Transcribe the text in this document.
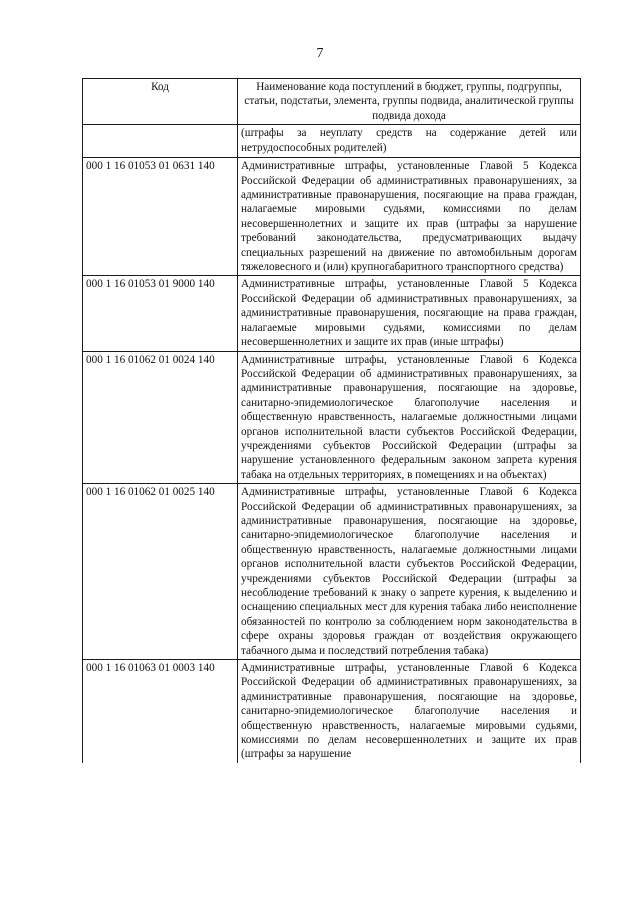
7
Код	Наименование кода поступлений в бюджет, группы, подгруппы, статьи, подстатьи, элемента, группы подвида, аналитической группы подвида дохода
	(штрафы за неуплату средств на содержание детей или нетрудоспособных родителей)
000 1 16 01053 01 0631 140	Административные штрафы, установленные Главой 5 Кодекса Российской Федерации об административных правонарушениях, за административные правонарушения, посягающие на права граждан, налагаемые мировыми судьями, комиссиями по делам несовершеннолетних и защите их прав (штрафы за нарушение требований законодательства, предусматривающих выдачу специальных разрешений на движение по автомобильным дорогам тяжеловесного и (или) крупногабаритного транспортного средства)
000 1 16 01053 01 9000 140	Административные штрафы, установленные Главой 5 Кодекса Российской Федерации об административных правонарушениях, за административные правонарушения, посягающие на права граждан, налагаемые мировыми судьями, комиссиями по делам несовершеннолетних и защите их прав (иные штрафы)
000 1 16 01062 01 0024 140	Административные штрафы, установленные Главой 6 Кодекса Российской Федерации об административных правонарушениях, за административные правонарушения, посягающие на здоровье, санитарно-эпидемиологическое благополучие населения и общественную нравственность, налагаемые должностными лицами органов исполнительной власти субъектов Российской Федерации, учреждениями субъектов Российской Федерации (штрафы за нарушение установленного федеральным законом запрета курения табака на отдельных территориях, в помещениях и на объектах)
000 1 16 01062 01 0025 140	Административные штрафы, установленные Главой 6 Кодекса Российской Федерации об административных правонарушениях, за административные правонарушения, посягающие на здоровье, санитарно-эпидемиологическое благополучие населения и общественную нравственность, налагаемые должностными лицами органов исполнительной власти субъектов Российской Федерации, учреждениями субъектов Российской Федерации (штрафы за несоблюдение требований к знаку о запрете курения, к выделению и оснащению специальных мест для курения табака либо неисполнение обязанностей по контролю за соблюдением норм законодательства в сфере охраны здоровья граждан от воздействия окружающего табачного дыма и последствий потребления табака)
000 1 16 01063 01 0003 140	Административные штрафы, установленные Главой 6 Кодекса Российской Федерации об административных правонарушениях, за административные правонарушения, посягающие на здоровье, санитарно-эпидемиологическое благополучие населения и общественную нравственность, налагаемые мировыми судьями, комиссиями по делам несовершеннолетних и защите их прав (штрафы за нарушение
